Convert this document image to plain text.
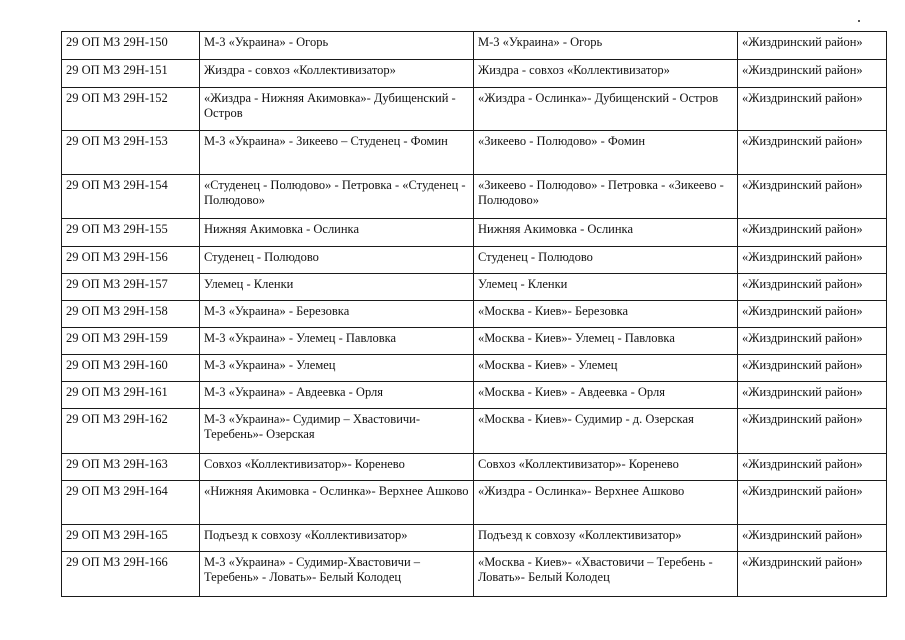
29 ОП МЗ 29Н-150	М-3 «Украина» - Огорь	М-3 «Украина» - Огорь	«Жиздринский район»
29 ОП МЗ 29Н-151	Жиздра - совхоз «Коллективизатор»	Жиздра - совхоз «Коллективизатор»	«Жиздринский район»
29 ОП МЗ 29Н-152	«Жиздра - Нижняя Акимовка»- Дубищенский - Остров	«Жиздра - Ослинка»- Дубищенский - Остров	«Жиздринский район»
29 ОП МЗ 29Н-153	М-3 «Украина» - Зикеево – Студенец - Фомин	«Зикеево - Полюдово» - Фомин	«Жиздринский район»
29 ОП МЗ 29Н-154	«Студенец - Полюдово» - Петровка - «Студенец - Полюдово»	«Зикеево - Полюдово» - Петровка - «Зикеево - Полюдово»	«Жиздринский район»
29 ОП МЗ 29Н-155	Нижняя Акимовка - Ослинка	Нижняя Акимовка - Ослинка	«Жиздринский район»
29 ОП МЗ 29Н-156	Студенец - Полюдово	Студенец - Полюдово	«Жиздринский район»
29 ОП МЗ 29Н-157	Улемец - Кленки	Улемец - Кленки	«Жиздринский район»
29 ОП МЗ 29Н-158	М-3 «Украина» - Березовка	«Москва - Киев»- Березовка	«Жиздринский район»
29 ОП МЗ 29Н-159	М-3 «Украина» - Улемец - Павловка	«Москва - Киев»- Улемец - Павловка	«Жиздринский район»
29 ОП МЗ 29Н-160	М-3 «Украина» - Улемец	«Москва - Киев» - Улемец	«Жиздринский район»
29 ОП МЗ 29Н-161	М-3 «Украина» - Авдеевка - Орля	«Москва - Киев» - Авдеевка - Орля	«Жиздринский район»
29 ОП МЗ 29Н-162	М-3 «Украина»- Судимир – Хвастовичи-Теребень»- Озерская	«Москва - Киев»- Судимир - д. Озерская	«Жиздринский район»
29 ОП МЗ 29Н-163	Совхоз «Коллективизатор»- Коренево	Совхоз «Коллективизатор»- Коренево	«Жиздринский район»
29 ОП МЗ 29Н-164	«Нижняя Акимовка - Ослинка»- Верхнее Ашково	«Жиздра - Ослинка»- Верхнее Ашково	«Жиздринский район»
29 ОП МЗ 29Н-165	Подъезд к совхозу «Коллективизатор»	Подъезд к совхозу «Коллективизатор»	«Жиздринский район»
29 ОП МЗ 29Н-166	М-3 «Украина» - Судимир-Хвастовичи – Теребень» - Ловать»- Белый Колодец	«Москва - Киев»- «Хвастовичи – Теребень - Ловать»- Белый Колодец	«Жиздринский район»
